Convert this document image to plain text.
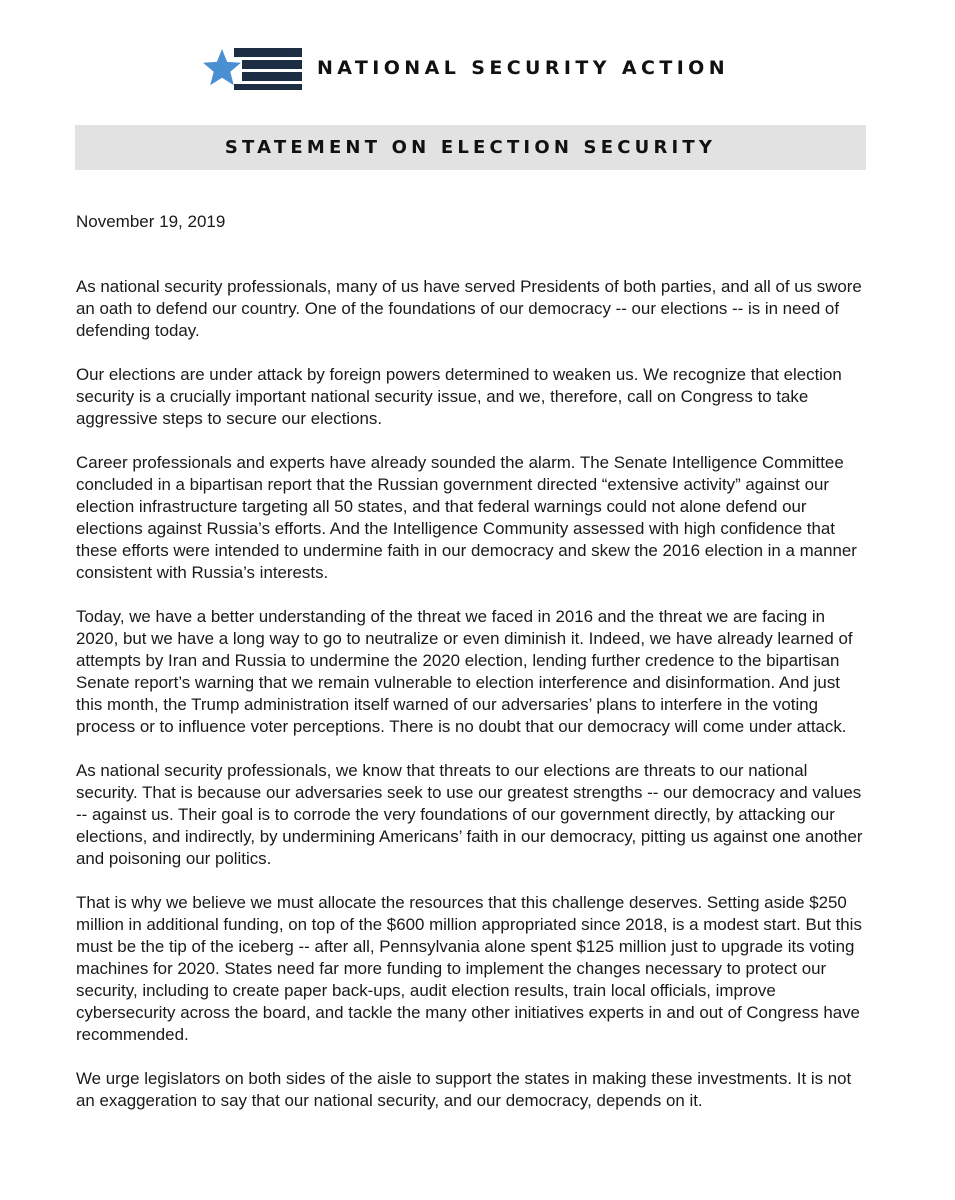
NATIONAL SECURITY ACTION
STATEMENT ON ELECTION SECURITY
November 19, 2019

As national security professionals, many of us have served Presidents of both parties, and all of us swore an oath to defend our country. One of the foundations of our democracy -- our elections -- is in need of defending today.

Our elections are under attack by foreign powers determined to weaken us. We recognize that election security is a crucially important national security issue, and we, therefore, call on Congress to take aggressive steps to secure our elections.

Career professionals and experts have already sounded the alarm. The Senate Intelligence Committee concluded in a bipartisan report that the Russian government directed “extensive activity” against our election infrastructure targeting all 50 states, and that federal warnings could not alone defend our elections against Russia’s efforts. And the Intelligence Community assessed with high confidence that these efforts were intended to undermine faith in our democracy and skew the 2016 election in a manner consistent with Russia’s interests.

Today, we have a better understanding of the threat we faced in 2016 and the threat we are facing in 2020, but we have a long way to go to neutralize or even diminish it. Indeed, we have already learned of attempts by Iran and Russia to undermine the 2020 election, lending further credence to the bipartisan Senate report’s warning that we remain vulnerable to election interference and disinformation. And just this month, the Trump administration itself warned of our adversaries’ plans to interfere in the voting process or to influence voter perceptions. There is no doubt that our democracy will come under attack.

As national security professionals, we know that threats to our elections are threats to our national security. That is because our adversaries seek to use our greatest strengths -- our democracy and values -- against us. Their goal is to corrode the very foundations of our government directly, by attacking our elections, and indirectly, by undermining Americans’ faith in our democracy, pitting us against one another and poisoning our politics.

That is why we believe we must allocate the resources that this challenge deserves. Setting aside $250 million in additional funding, on top of the $600 million appropriated since 2018, is a modest start. But this must be the tip of the iceberg -- after all, Pennsylvania alone spent $125 million just to upgrade its voting machines for 2020. States need far more funding to implement the changes necessary to protect our security, including to create paper back-ups, audit election results, train local officials, improve cybersecurity across the board, and tackle the many other initiatives experts in and out of Congress have recommended.

We urge legislators on both sides of the aisle to support the states in making these investments. It is not an exaggeration to say that our national security, and our democracy, depends on it.
